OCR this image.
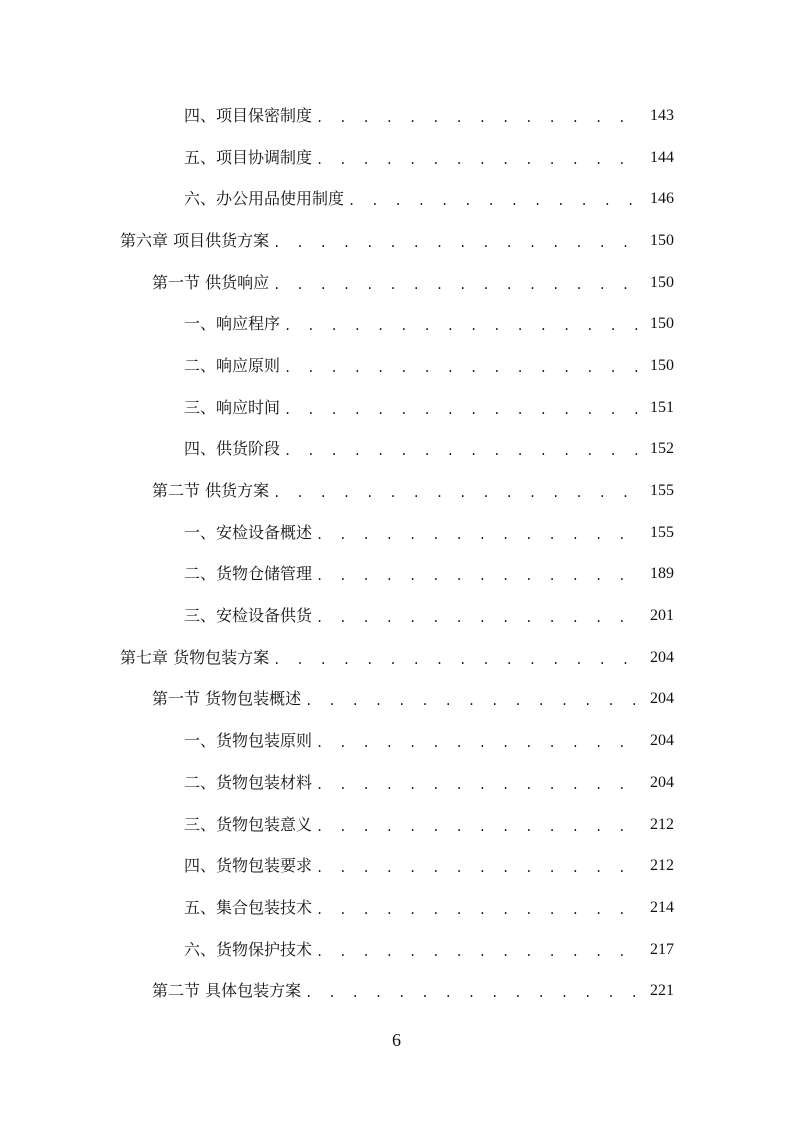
四、项目保密制度 . . .	143
五、项目协调制度 . . .	144
六、办公用品使用制度 . . .	146
第六章 项目供货方案 . . .	150
第一节 供货响应 . . .	150
一、响应程序 . . .	150
二、响应原则 . . .	150
三、响应时间 . . .	151
四、供货阶段 . . .	152
第二节 供货方案 . . .	155
一、安检设备概述 . . .	155
二、货物仓储管理 . . .	189
三、安检设备供货 . . .	201
第七章 货物包装方案 . . .	204
第一节 货物包装概述 . . .	204
一、货物包装原则 . . .	204
二、货物包装材料 . . .	204
三、货物包装意义 . . .	212
四、货物包装要求 . . .	212
五、集合包装技术 . . .	214
六、货物保护技术 . . .	217
第二节 具体包装方案 . . .	221
6
